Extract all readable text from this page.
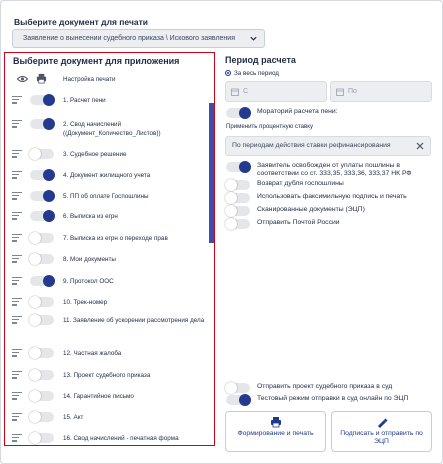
Выберите документ для печати
Заявление о вынесении судебного приказа \ Искового заявления
Выберите документ для приложения
Настройка печати
1. Расчет пени
2. Свод начислений ((Документ_Количество_Листов))
3. Судебное решение
4. Документ жилищного учета
5. ПП об оплате Госпошлины
6. Выписка из егрн
7. Выписка из егрн о переходе прав
8. Мои документы
9. Протокол ООС
10. Трек-номер
11. Заявление об ускорении рассмотрения дела
12. Частная жалоба
13. Проект судебного приказа
14. Гарантийное письмо
15. Акт
16. Свод начислений - печатная форма
Период расчета
За весь период
С	По
Мораторий расчета пени:
Применить процентную ставку
По периодам действия ставки рефинансирования
Заявитель освобожден от уплаты пошлины в соответствии со ст. 333,35, 333,36, 333,37 НК РФ
Возврат дубля госпошлины
Использовать факсимильную подпись и печать
Сканированные документы (ЭЦП)
Отправить Почтой России
Отправить проект судебного приказа в суд
Тестовый режим отправки в суд онлайн по ЭЦП
Формирование и печать	Подписать и отправить по ЭЦП
